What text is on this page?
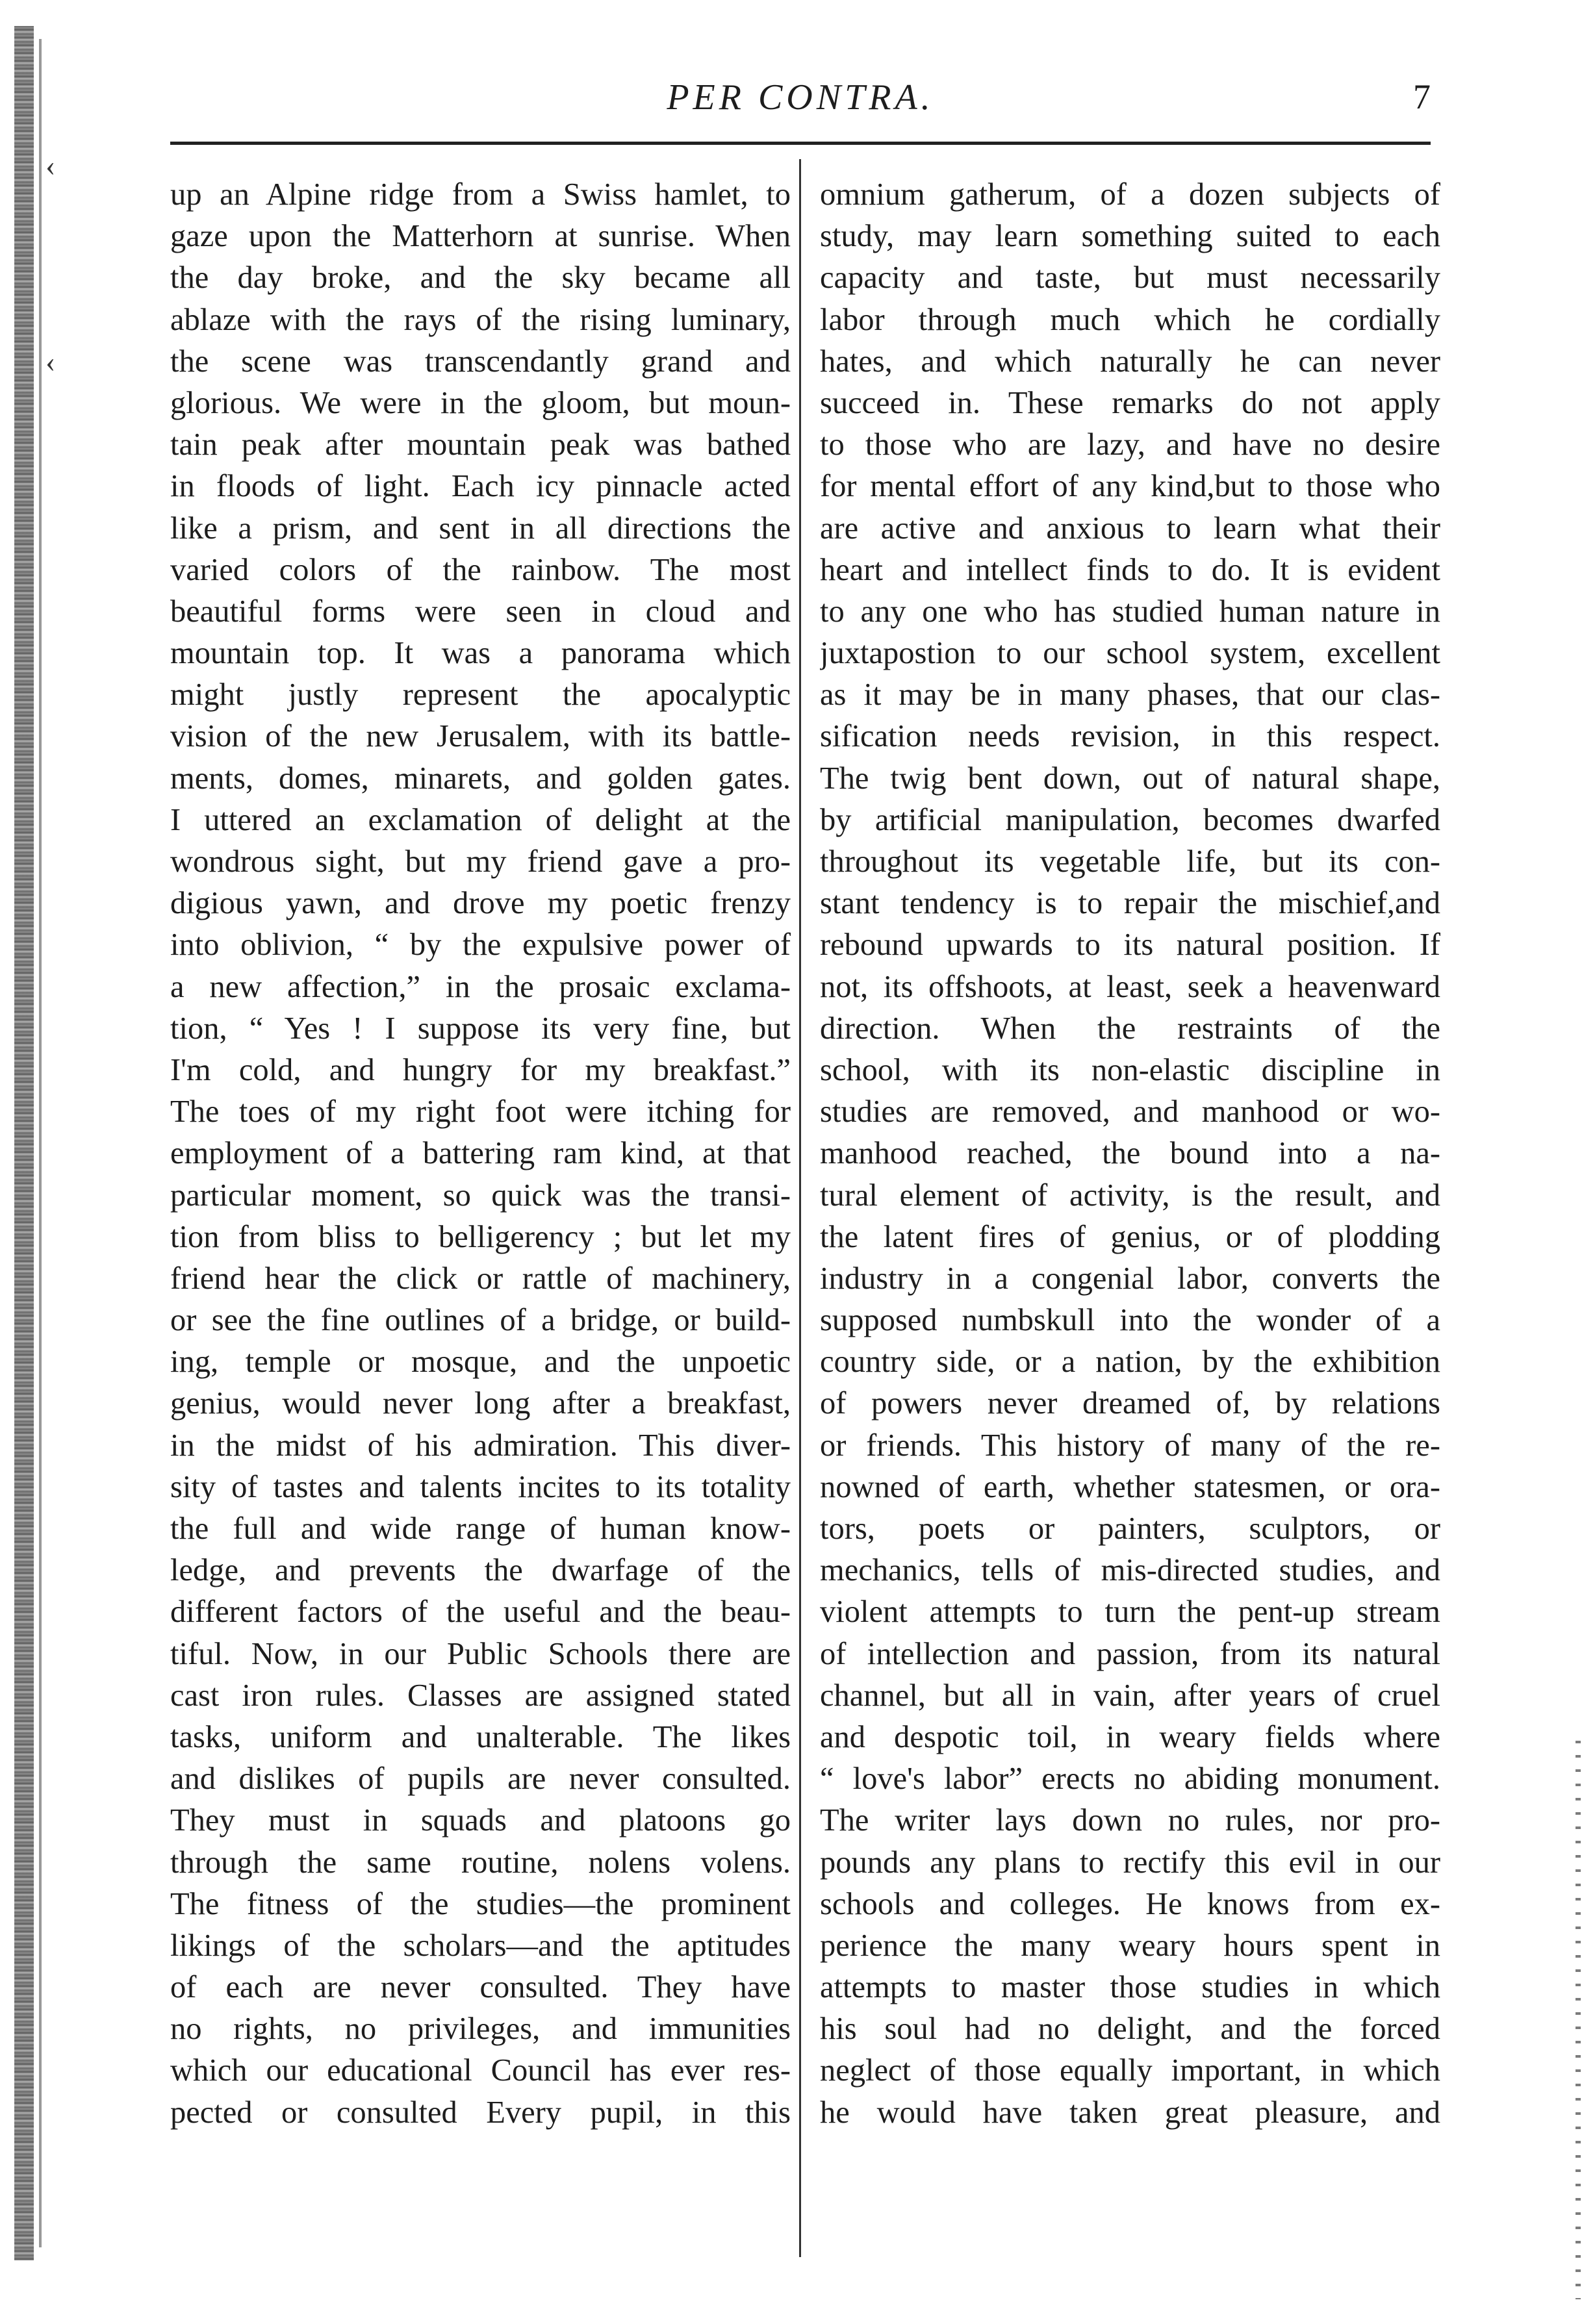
‹
‹
PER CONTRA.	7
up an Alpine ridge from a Swiss hamlet, to
gaze upon the Matterhorn at sunrise. When
the day broke, and the sky became all
ablaze with the rays of the rising luminary,
the scene was transcendantly grand and
glorious. We were in the gloom, but moun-
tain peak after mountain peak was bathed
in floods of light. Each icy pinnacle acted
like a prism, and sent in all directions the
varied colors of the rainbow. The most
beautiful forms were seen in cloud and
mountain top. It was a panorama which
might justly represent the apocalyptic
vision of the new Jerusalem, with its battle-
ments, domes, minarets, and golden gates.
I uttered an exclamation of delight at the
wondrous sight, but my friend gave a pro-
digious yawn, and drove my poetic frenzy
into oblivion, “ by the expulsive power of
a new affection,” in the prosaic exclama-
tion, “ Yes ! I suppose its very fine, but
I'm cold, and hungry for my breakfast.”
The toes of my right foot were itching for
employment of a battering ram kind, at that
particular moment, so quick was the transi-
tion from bliss to belligerency ; but let my
friend hear the click or rattle of machinery,
or see the fine outlines of a bridge, or build-
ing, temple or mosque, and the unpoetic
genius, would never long after a breakfast,
in the midst of his admiration. This diver-
sity of tastes and talents incites to its totality
the full and wide range of human know-
ledge, and prevents the dwarfage of the
different factors of the useful and the beau-
tiful. Now, in our Public Schools there are
cast iron rules. Classes are assigned stated
tasks, uniform and unalterable. The likes
and dislikes of pupils are never consulted.
They must in squads and platoons go
through the same routine, nolens volens.
The fitness of the studies—the prominent
likings of the scholars—and the aptitudes
of each are never consulted. They have
no rights, no privileges, and immunities
which our educational Council has ever res-
pected or consulted Every pupil, in this
omnium gatherum, of a dozen subjects of
study, may learn something suited to each
capacity and taste, but must necessarily
labor through much which he cordially
hates, and which naturally he can never
succeed in. These remarks do not apply
to those who are lazy, and have no desire
for mental effort of any kind,but to those who
are active and anxious to learn what their
heart and intellect finds to do. It is evident
to any one who has studied human nature in
juxtapostion to our school system, excellent
as it may be in many phases, that our clas-
sification needs revision, in this respect.
The twig bent down, out of natural shape,
by artificial manipulation, becomes dwarfed
throughout its vegetable life, but its con-
stant tendency is to repair the mischief,and
rebound upwards to its natural position. If
not, its offshoots, at least, seek a heavenward
direction. When the restraints of the
school, with its non-elastic discipline in
studies are removed, and manhood or wo-
manhood reached, the bound into a na-
tural element of activity, is the result, and
the latent fires of genius, or of plodding
industry in a congenial labor, converts the
supposed numbskull into the wonder of a
country side, or a nation, by the exhibition
of powers never dreamed of, by relations
or friends. This history of many of the re-
nowned of earth, whether statesmen, or ora-
tors, poets or painters, sculptors, or
mechanics, tells of mis-directed studies, and
violent attempts to turn the pent-up stream
of intellection and passion, from its natural
channel, but all in vain, after years of cruel
and despotic toil, in weary fields where
“ love's labor” erects no abiding monument.
The writer lays down no rules, nor pro-
pounds any plans to rectify this evil in our
schools and colleges. He knows from ex-
perience the many weary hours spent in
attempts to master those studies in which
his soul had no delight, and the forced
neglect of those equally important, in which
he would have taken great pleasure, and
